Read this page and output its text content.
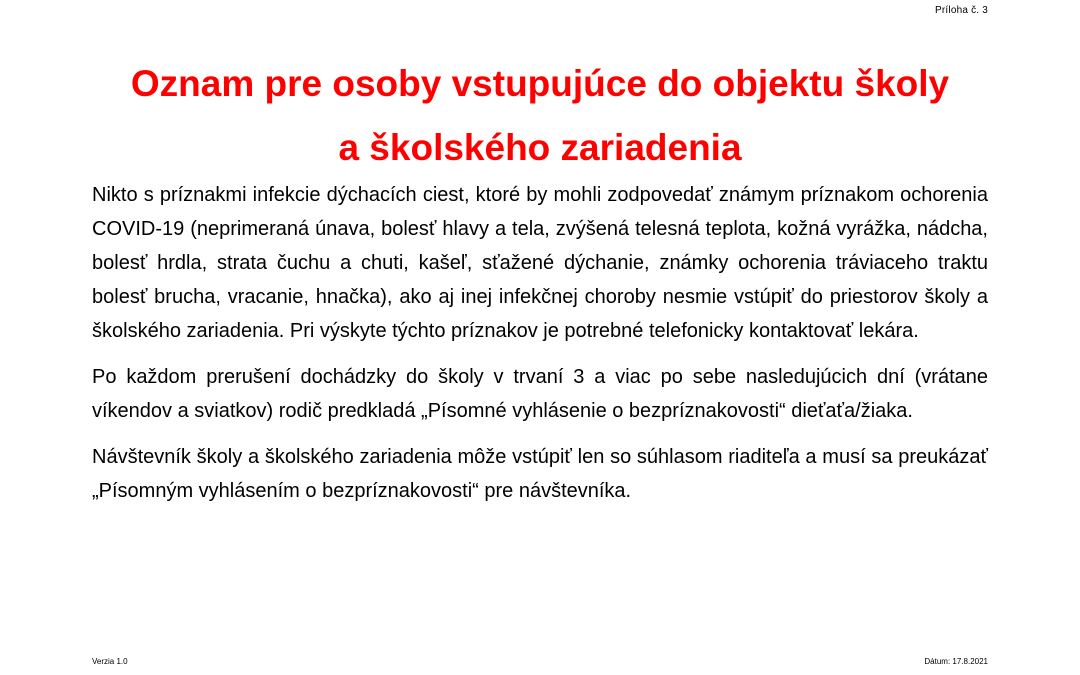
Príloha č. 3
Oznam pre osoby vstupujúce do objektu školy
a školského zariadenia

Nikto s príznakmi infekcie dýchacích ciest, ktoré by mohli zodpovedať známym príznakom ochorenia COVID-19 (neprimeraná únava, bolesť hlavy a tela, zvýšená telesná teplota, kožná vyrážka, nádcha, bolesť hrdla, strata čuchu a chuti, kašeľ, sťažené dýchanie, známky ochorenia tráviaceho traktu bolesť brucha, vracanie, hnačka), ako aj inej infekčnej choroby nesmie vstúpiť do priestorov školy a školského zariadenia. Pri výskyte týchto príznakov je potrebné telefonicky kontaktovať lekára.

Po každom prerušení dochádzky do školy v trvaní 3 a viac po sebe nasledujúcich dní (vrátane víkendov a sviatkov) rodič predkladá „Písomné vyhlásenie o bezpríznakovosti“ dieťaťa/žiaka.

Návštevník školy a školského zariadenia môže vstúpiť len so súhlasom riaditeľa a musí sa preukázať „Písomným vyhlásením o bezpríznakovosti“ pre návštevníka.

Verzia 1.0	Dátum: 17.8.2021
